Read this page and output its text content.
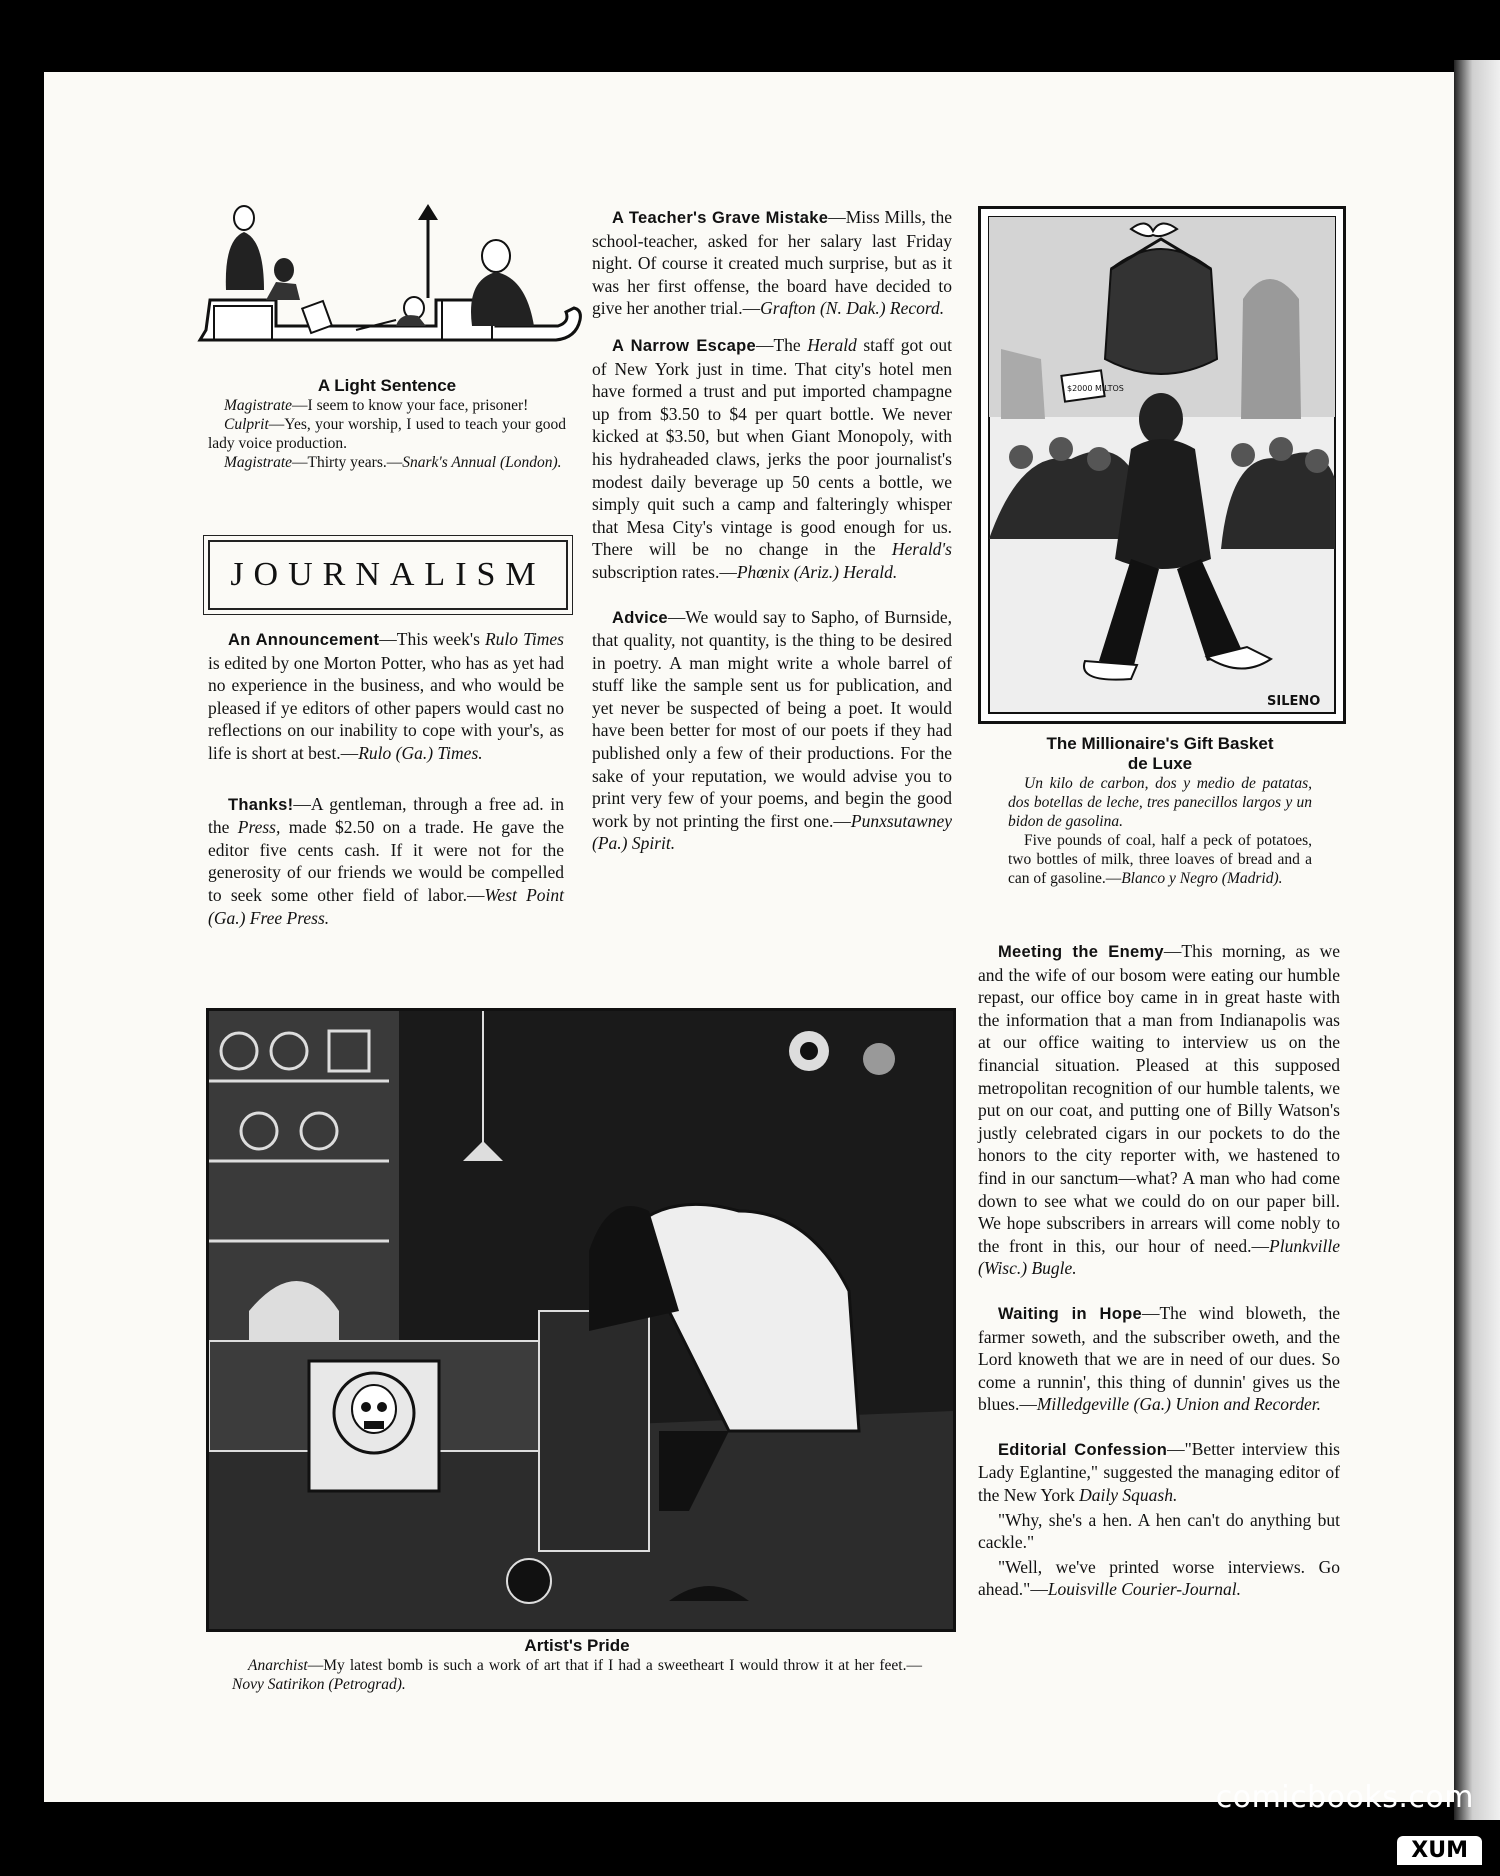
A Light Sentence

Magistrate—I seem to know your face, prisoner!

Culprit—Yes, your worship, I used to teach your good lady voice production.

Magistrate—Thirty years.—Snark's Annual (London).

JOURNALISM

An Announcement—This week's Rulo Times is edited by one Morton Potter, who has as yet had no experience in the business, and who would be pleased if ye editors of other papers would cast no reflections on our inability to cope with your's, as life is short at best.—Rulo (Ga.) Times.

Thanks!—A gentleman, through a free ad. in the Press, made $2.50 on a trade. He gave the editor five cents cash. If it were not for the generosity of our friends we would be compelled to seek some other field of labor.—West Point (Ga.) Free Press.

A Teacher's Grave Mistake—Miss Mills, the school-teacher, asked for her salary last Friday night. Of course it created much surprise, but as it was her first offense, the board have decided to give her another trial.—Grafton (N. Dak.) Record.

A Narrow Escape—The Herald staff got out of New York just in time. That city's hotel men have formed a trust and put imported champagne up from $3.50 to $4 per quart bottle. We never kicked at $3.50, but when Giant Monopoly, with his hydraheaded claws, jerks the poor journalist's modest daily beverage up 50 cents a bottle, we simply quit such a camp and falteringly whisper that Mesa City's vintage is good enough for us. There will be no change in the Herald's subscription rates.—Phœnix (Ariz.) Herald.

Advice—We would say to Sapho, of Burnside, that quality, not quantity, is the thing to be desired in poetry. A man might write a whole barrel of stuff like the sample sent us for publication, and yet never be suspected of being a poet. It would have been better for most of our poets if they had published only a few of their productions. For the sake of your reputation, we would advise you to print very few of your poems, and begin the good work by not printing the first one.—Punxsutawney (Pa.) Spirit.

$2000 MILTOS
SILENO
The Millionaire's Gift Basket
de Luxe

Un kilo de carbon, dos y medio de patatas, dos botellas de leche, tres panecillos largos y un bidon de gasolina.

Five pounds of coal, half a peck of potatoes, two bottles of milk, three loaves of bread and a can of gasoline.—Blanco y Negro (Madrid).

Meeting the Enemy—This morning, as we and the wife of our bosom were eating our humble repast, our office boy came in in great haste with the information that a man from Indianapolis was at our office waiting to interview us on the financial situation. Pleased at this supposed metropolitan recognition of our humble talents, we put on our coat, and putting one of Billy Watson's justly celebrated cigars in our pockets to do the honors to the city reporter with, we hastened to find in our sanctum—what? A man who had come down to see what we could do on our paper bill. We hope subscribers in arrears will come nobly to the front in this, our hour of need.—Plunkville (Wisc.) Bugle.

Waiting in Hope—The wind bloweth, the farmer soweth, and the subscriber oweth, and the Lord knoweth that we are in need of our dues. So come a runnin', this thing of dunnin' gives us the blues.—Milledgeville (Ga.) Union and Recorder.

Editorial Confession—"Better interview this Lady Eglantine," suggested the managing editor of the New York Daily Squash.

"Why, she's a hen. A hen can't do anything but cackle."

"Well, we've printed worse interviews. Go ahead."—Louisville Courier-Journal.

Artist's Pride

Anarchist—My latest bomb is such a work of art that if I had a sweetheart I would throw it at her feet.—Novy Satirikon (Petrograd).

comicbooks.com
XUM
